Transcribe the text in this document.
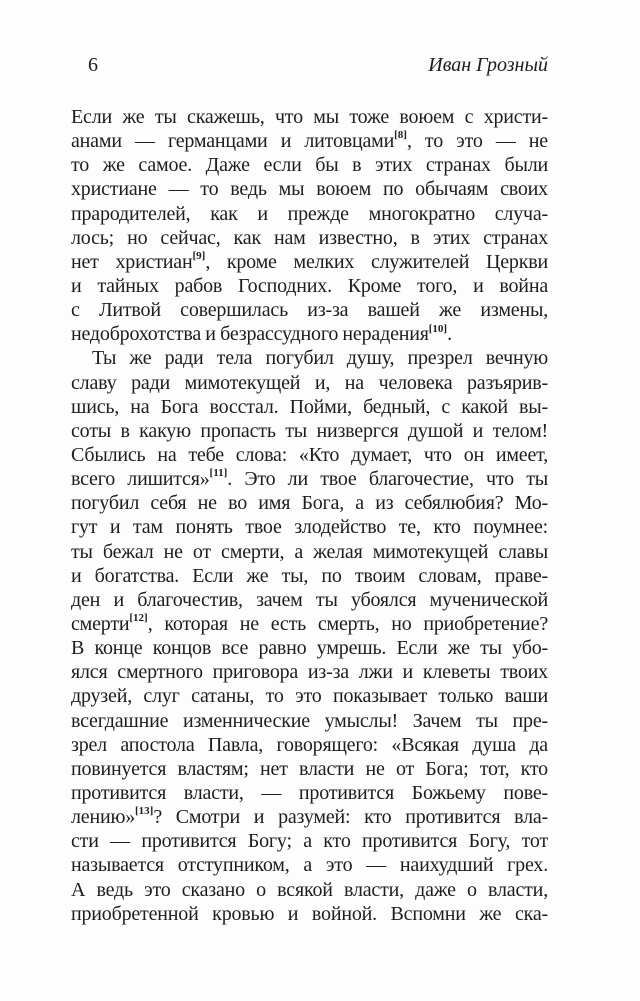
6	Иван Грозный
Если же ты скажешь, что мы тоже воюем с христи-
анами — германцами и литовцами[8], то это — не
то же самое. Даже если бы в этих странах были
христиане — то ведь мы воюем по обычаям своих
прародителей, как и прежде многократно случа-
лось; но сейчас, как нам известно, в этих странах
нет христиан[9], кроме мелких служителей Церкви
и тайных рабов Господних. Кроме того, и война
с Литвой совершилась из-за вашей же измены,
недоброхотства и безрассудного нерадения[10].
Ты же ради тела погубил душу, презрел вечную
славу ради мимотекущей и, на человека разъярив-
шись, на Бога восстал. Пойми, бедный, с какой вы-
соты в какую пропасть ты низвергся душой и телом!
Сбылись на тебе слова: «Кто думает, что он имеет,
всего лишится»[11]. Это ли твое благочестие, что ты
погубил себя не во имя Бога, а из себялюбия? Мо-
гут и там понять твое злодейство те, кто поумнее:
ты бежал не от смерти, а желая мимотекущей славы
и богатства. Если же ты, по твоим словам, праве-
ден и благочестив, зачем ты убоялся мученической
смерти[12], которая не есть смерть, но приобретение?
В конце концов все равно умрешь. Если же ты убо-
ялся смертного приговора из-за лжи и клеветы твоих
друзей, слуг сатаны, то это показывает только ваши
всегдашние изменнические умыслы! Зачем ты пре-
зрел апостола Павла, говорящего: «Всякая душа да
повинуется властям; нет власти не от Бога; тот, кто
противится власти, — противится Божьему пове-
лению»[13]? Смотри и разумей: кто противится вла-
сти — противится Богу; а кто противится Богу, тот
называется отступником, а это — наихудший грех.
А ведь это сказано о всякой власти, даже о власти,
приобретенной кровью и войной. Вспомни же ска-
